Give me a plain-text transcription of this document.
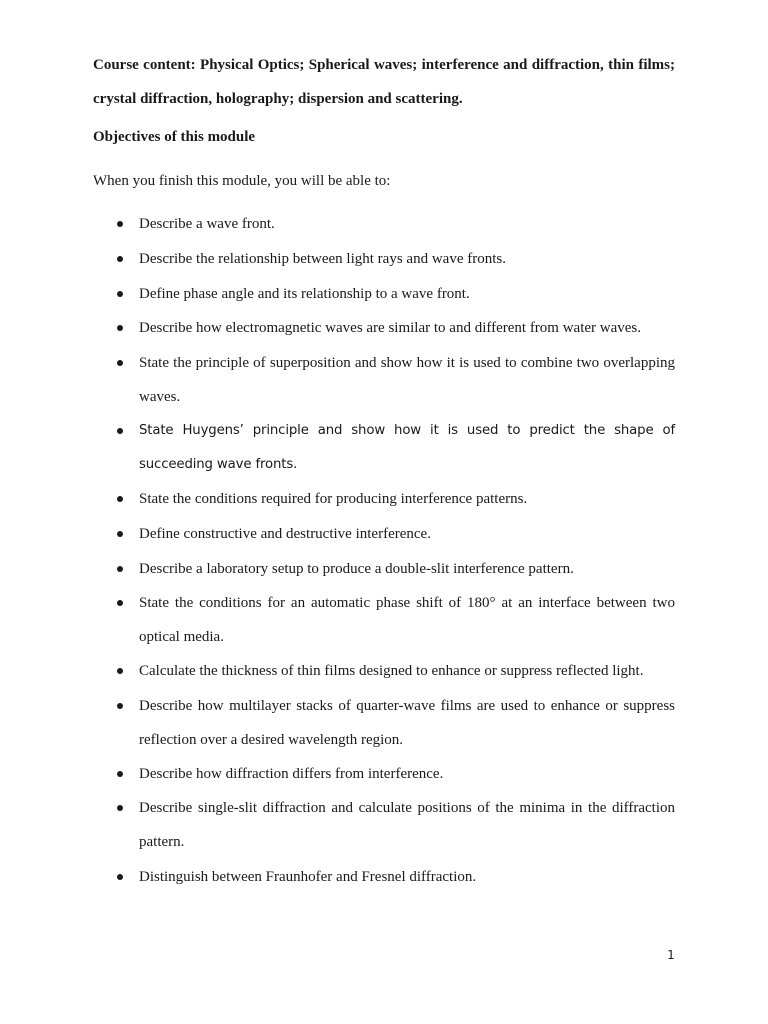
Course content: Physical Optics; Spherical waves; interference and diffraction, thin films; crystal diffraction, holography; dispersion and scattering.

Objectives of this module

When you finish this module, you will be able to:

Describe a wave front.
Describe the relationship between light rays and wave fronts.
Define phase angle and its relationship to a wave front.
Describe how electromagnetic waves are similar to and different from water waves.
State the principle of superposition and show how it is used to combine two overlapping waves.
State Huygens’ principle and show how it is used to predict the shape of succeeding wave fronts.
State the conditions required for producing interference patterns.
Define constructive and destructive interference.
Describe a laboratory setup to produce a double-slit interference pattern.
State the conditions for an automatic phase shift of 180° at an interface between two optical media.
Calculate the thickness of thin films designed to enhance or suppress reflected light.
Describe how multilayer stacks of quarter-wave films are used to enhance or suppress reflection over a desired wavelength region.
Describe how diffraction differs from interference.
Describe single-slit diffraction and calculate positions of the minima in the diffraction pattern.
Distinguish between Fraunhofer and Fresnel diffraction.
1
